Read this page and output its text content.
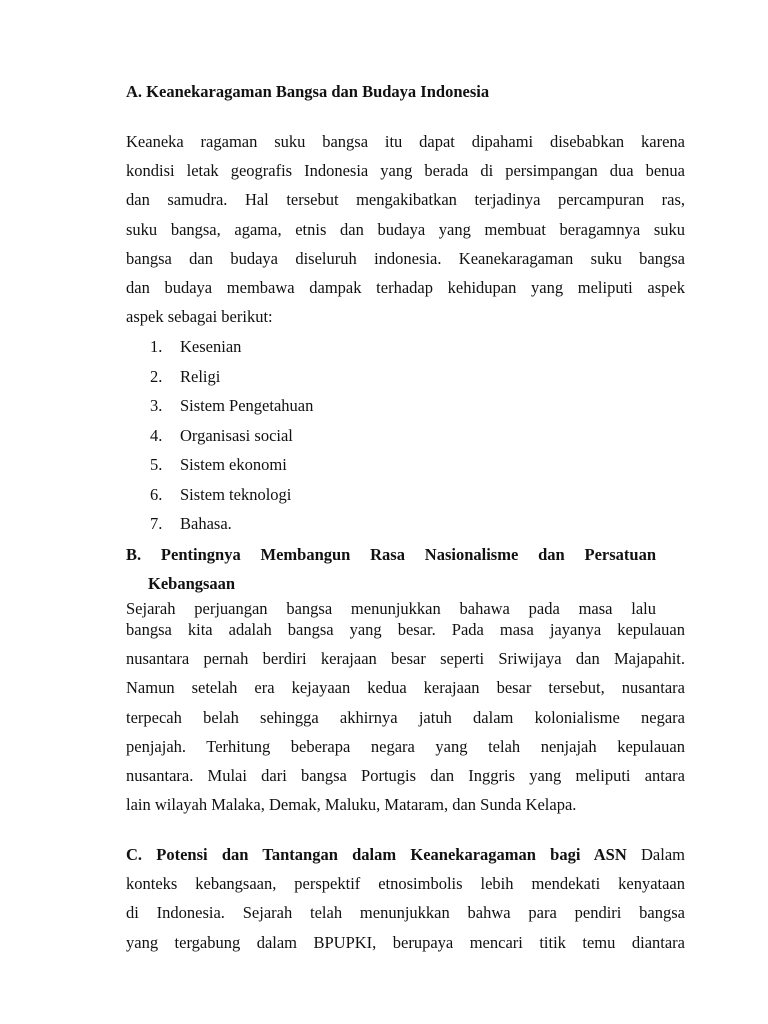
A. Keanekaragaman Bangsa dan Budaya Indonesia

Keaneka ragaman suku bangsa itu dapat dipahami disebabkan karena
kondisi letak geografis Indonesia yang berada di persimpangan dua benua
dan samudra. Hal tersebut mengakibatkan terjadinya percampuran ras,
suku bangsa, agama, etnis dan budaya yang membuat beragamnya suku
bangsa dan budaya diseluruh indonesia. Keanekaragaman suku bangsa
dan budaya membawa dampak terhadap kehidupan yang meliputi aspek
aspek sebagai berikut:
1. Kesenian
2. Religi
3. Sistem Pengetahuan
4. Organisasi social
5. Sistem ekonomi
6. Sistem teknologi
7. Bahasa.
B. Pentingnya Membangun Rasa Nasionalisme dan Persatuan
Kebangsaan
Sejarah perjuangan bangsa menunjukkan bahawa pada masa lalu
bangsa kita adalah bangsa yang besar. Pada masa jayanya kepulauan
nusantara pernah berdiri kerajaan besar seperti Sriwijaya dan Majapahit.
Namun setelah era kejayaan kedua kerajaan besar tersebut, nusantara
terpecah belah sehingga akhirnya jatuh dalam kolonialisme negara
penjajah. Terhitung beberapa negara yang telah nenjajah kepulauan
nusantara. Mulai dari bangsa Portugis dan Inggris yang meliputi antara
lain wilayah Malaka, Demak, Maluku, Mataram, dan Sunda Kelapa.
C. Potensi dan Tantangan dalam Keanekaragaman bagi ASN Dalam
konteks kebangsaan, perspektif etnosimbolis lebih mendekati kenyataan
di Indonesia. Sejarah telah menunjukkan bahwa para pendiri bangsa
yang tergabung dalam BPUPKI, berupaya mencari titik temu diantara
